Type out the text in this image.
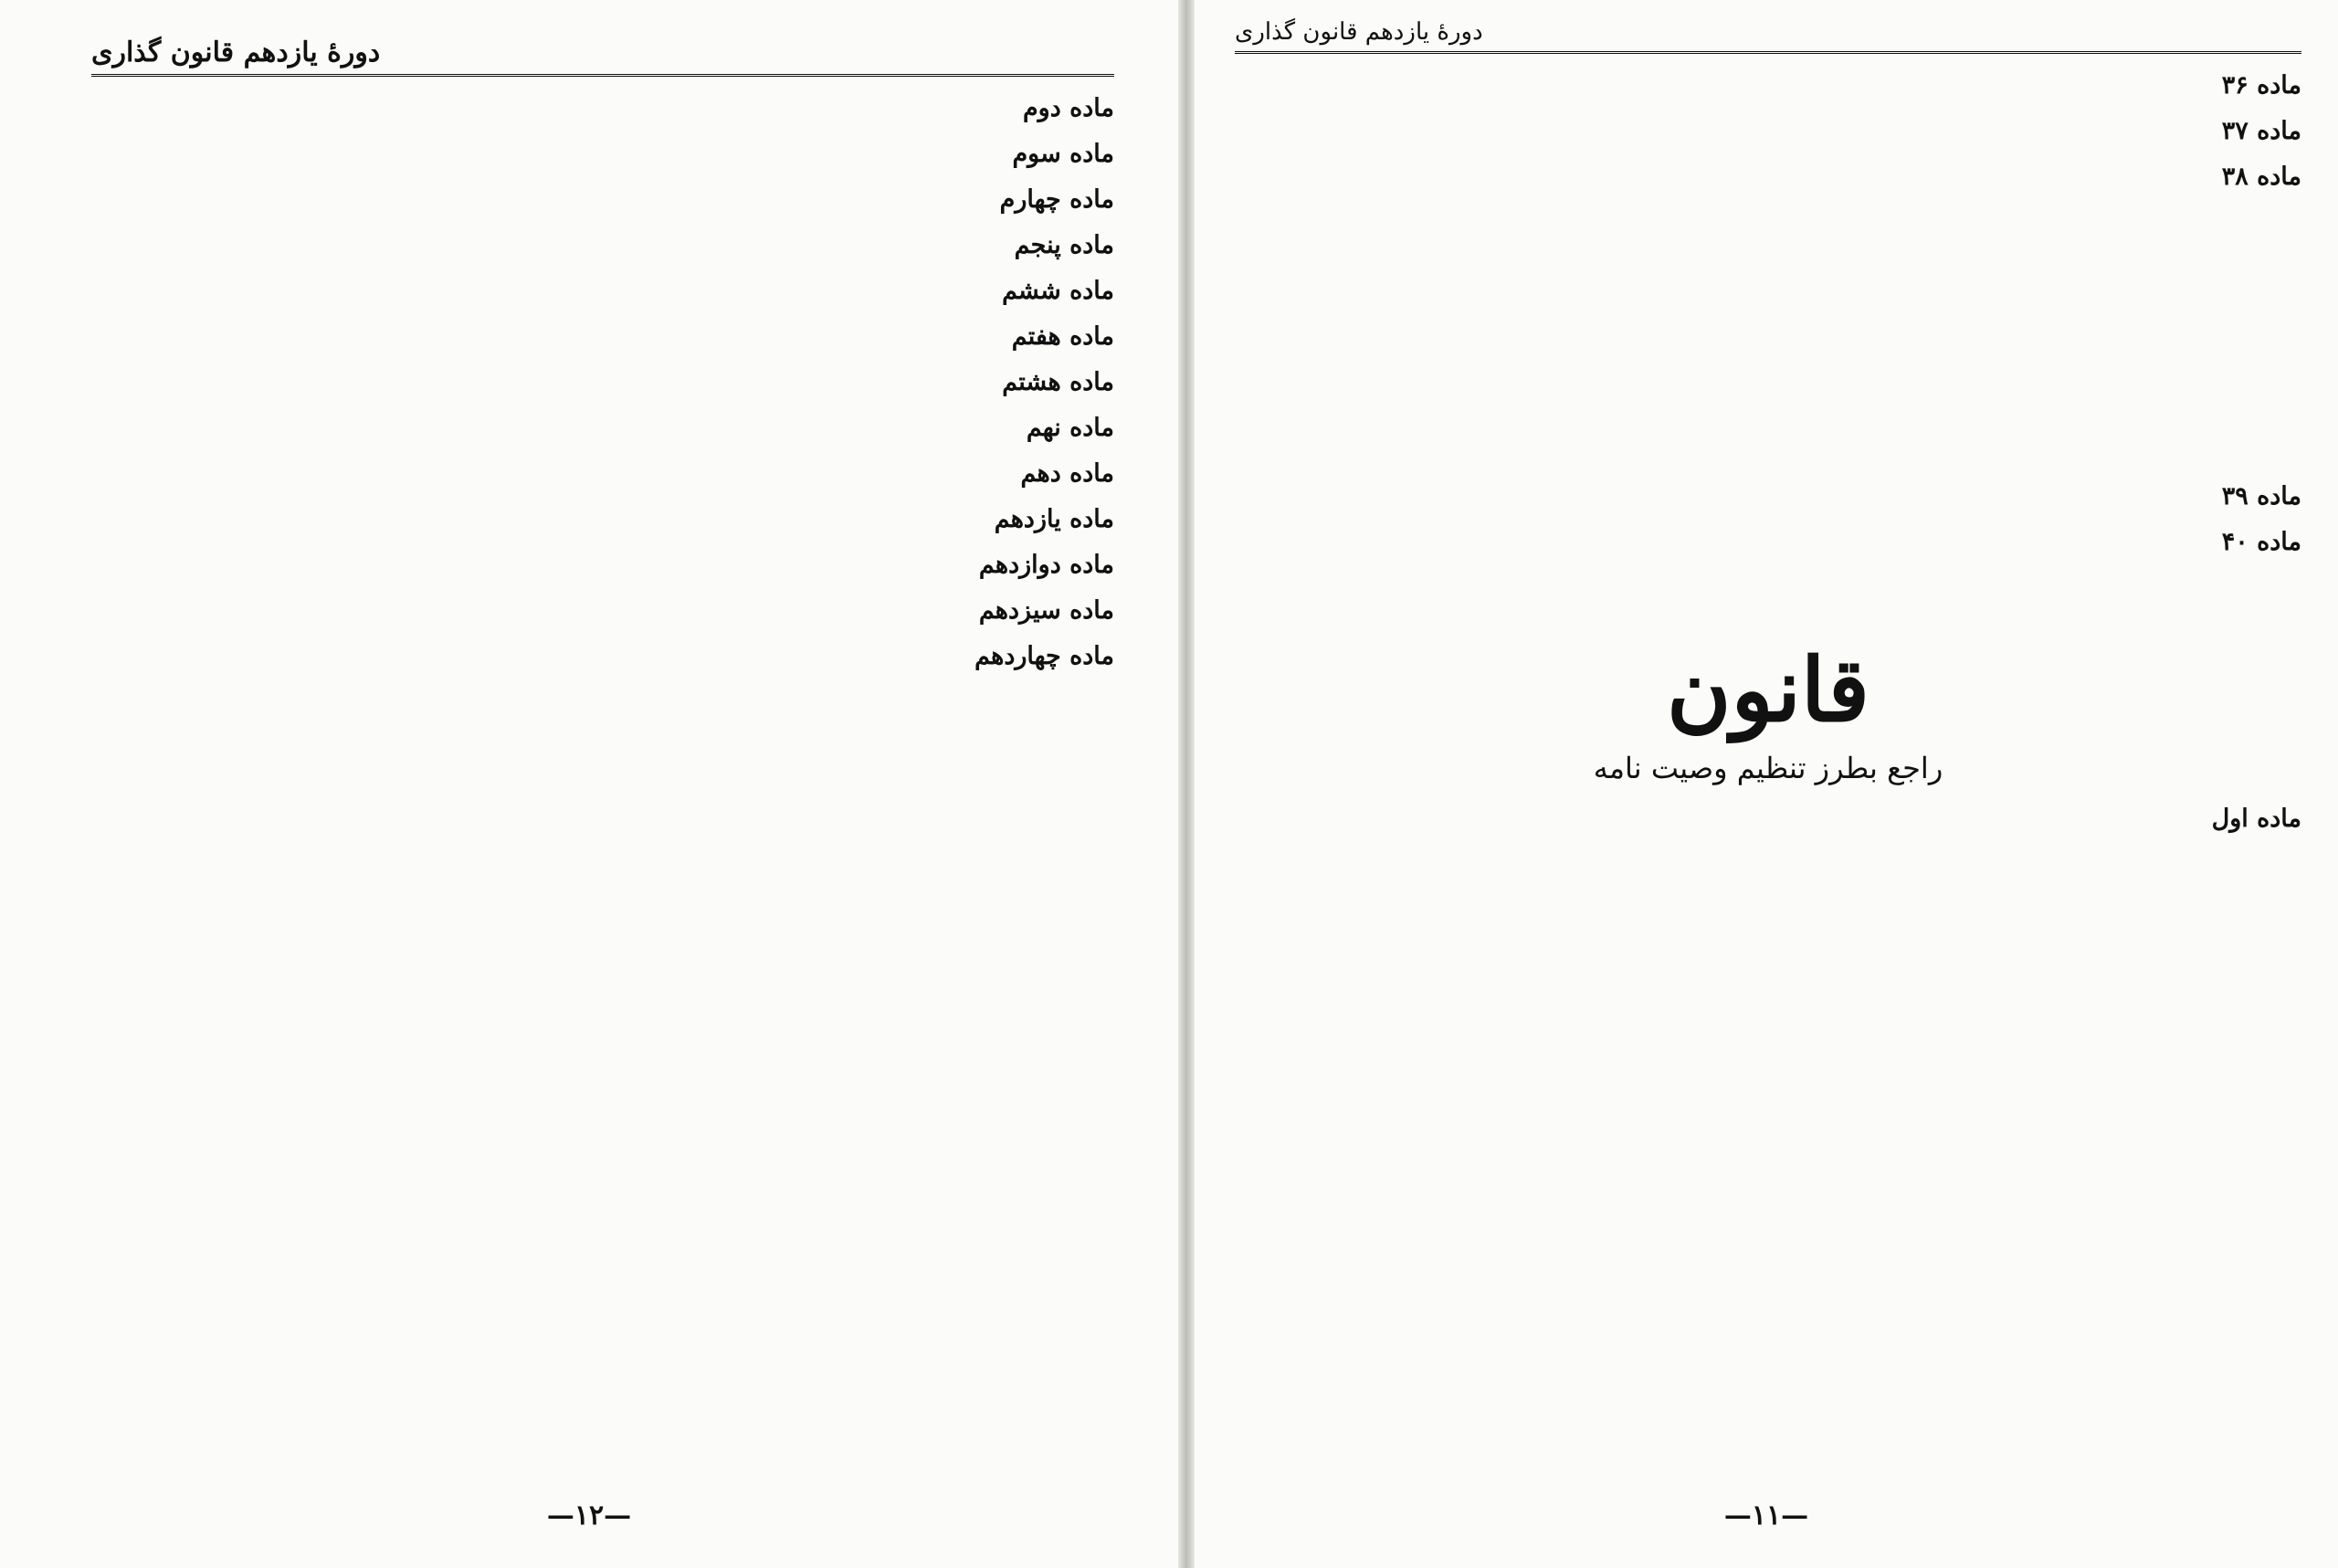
دورهٔ یازدهم قانون گذاری

ماده دوم

ماده سوم

ماده چهارم

ماده پنجم

ماده ششم

ماده هفتم

ماده هشتم

ماده نهم

ماده دهم

ماده یازدهم

ماده دوازدهم

ماده سیزدهم

ماده چهاردهم

—۱۲—
دورهٔ یازدهم قانون گذاری

ماده ۳۶

ماده ۳۷

ماده ۳۸

ماده ۳۹

ماده ۴۰

قانون
راجع بطرز تنظیم وصیت نامه

ماده اول

—۱۱—
